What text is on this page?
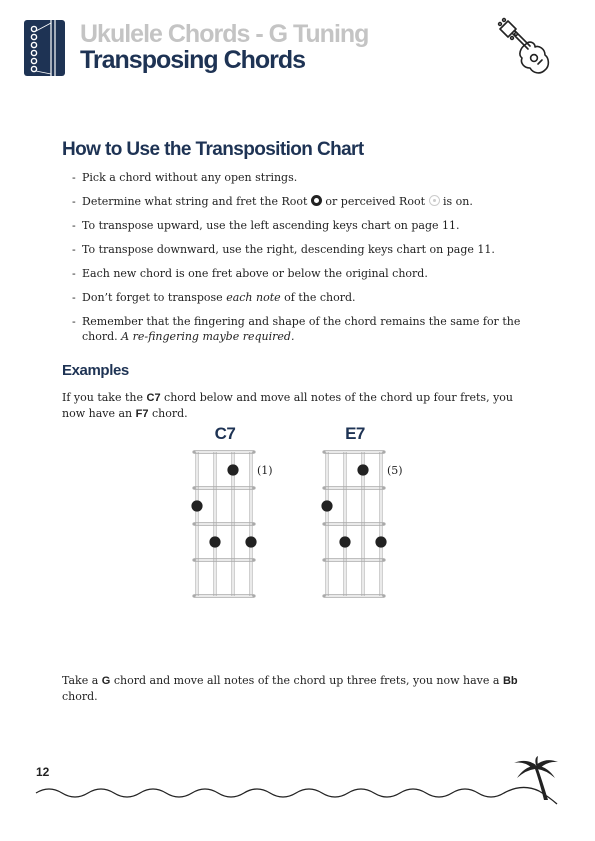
Ukulele Chords - G Tuning
Transposing Chords
How to Use the Transposition Chart
- Pick a chord without any open strings.
- Determine what string and fret the Root  or perceived Root  is on.
- To transpose upward, use the left ascending keys chart on page 11.
- To transpose downward, use the right, descending keys chart on page 11.
- Each new chord is one fret above or below the original chord.
- Don’t forget to transpose each note of the chord.
- Remember that the fingering and shape of the chord remains the same for the chord. A re-fingering maybe required.
Examples

If you take the C7 chord below and move all notes of the chord up four frets, you now have an F7 chord.

C7
(1)
E7
(5)

Take a G chord and move all notes of the chord up three frets, you now have a Bb chord.

12
